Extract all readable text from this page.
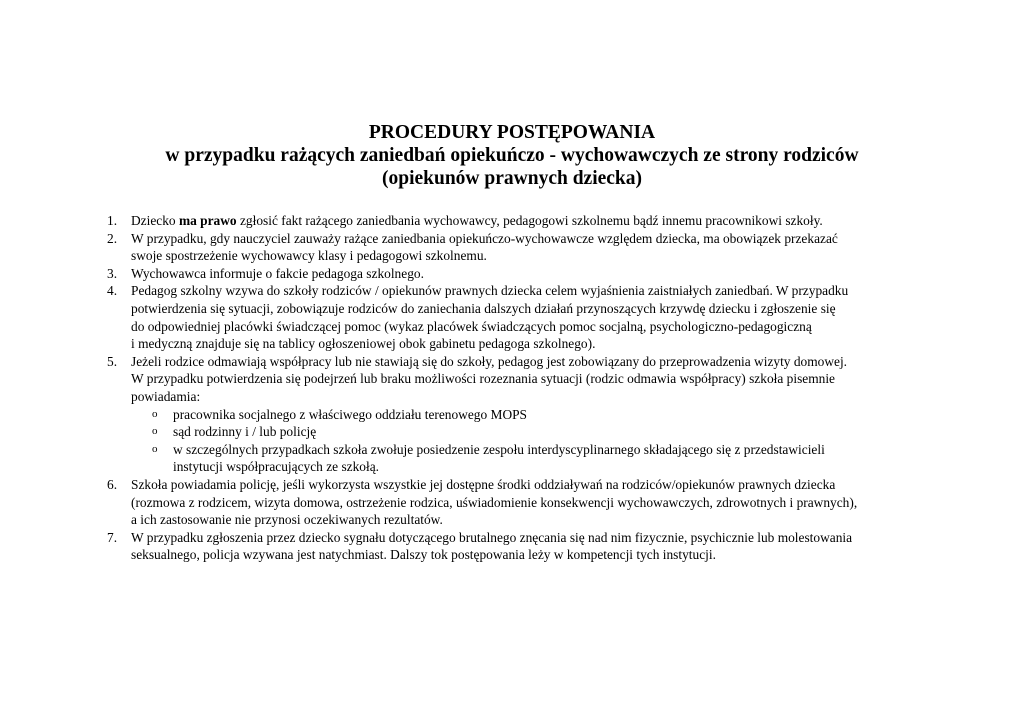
PROCEDURY POSTĘPOWANIA
w przypadku rażących zaniedbań opiekuńczo - wychowawczych ze strony rodziców
(opiekunów prawnych dziecka)
1.	Dziecko ma prawo zgłosić fakt rażącego zaniedbania wychowawcy, pedagogowi szkolnemu bądź innemu pracownikowi szkoły.
2.	W przypadku, gdy nauczyciel zauważy rażące zaniedbania opiekuńczo-wychowawcze względem dziecka, ma obowiązek przekazać
swoje spostrzeżenie wychowawcy klasy i pedagogowi szkolnemu.
3.	Wychowawca informuje o fakcie pedagoga szkolnego.
4.	Pedagog szkolny wzywa do szkoły rodziców / opiekunów prawnych dziecka celem wyjaśnienia zaistniałych zaniedbań. W przypadku
potwierdzenia się sytuacji, zobowiązuje rodziców do zaniechania dalszych działań przynoszących krzywdę dziecku i zgłoszenie się
do odpowiedniej placówki świadczącej pomoc (wykaz placówek świadczących pomoc socjalną, psychologiczno-pedagogiczną
i medyczną znajduje się na tablicy ogłoszeniowej obok gabinetu pedagoga szkolnego).
5.	Jeżeli rodzice odmawiają współpracy lub nie stawiają się do szkoły, pedagog jest zobowiązany do przeprowadzenia wizyty domowej.
W przypadku potwierdzenia się podejrzeń lub braku możliwości rozeznania sytuacji (rodzic odmawia współpracy) szkoła pisemnie
powiadamia:
o pracownika socjalnego z właściwego oddziału terenowego MOPS
o sąd rodzinny i / lub policję
o w szczególnych przypadkach szkoła zwołuje posiedzenie zespołu interdyscyplinarnego składającego się z przedstawicieli
instytucji współpracujących ze szkołą.
6.	Szkoła powiadamia policję, jeśli wykorzysta wszystkie jej dostępne środki oddziaływań na rodziców/opiekunów prawnych dziecka
(rozmowa z rodzicem, wizyta domowa, ostrzeżenie rodzica, uświadomienie konsekwencji wychowawczych, zdrowotnych i prawnych),
a ich zastosowanie nie przynosi oczekiwanych rezultatów.
7.	W przypadku zgłoszenia przez dziecko sygnału dotyczącego brutalnego znęcania się nad nim fizycznie, psychicznie lub molestowania
seksualnego, policja wzywana jest natychmiast. Dalszy tok postępowania leży w kompetencji tych instytucji.
